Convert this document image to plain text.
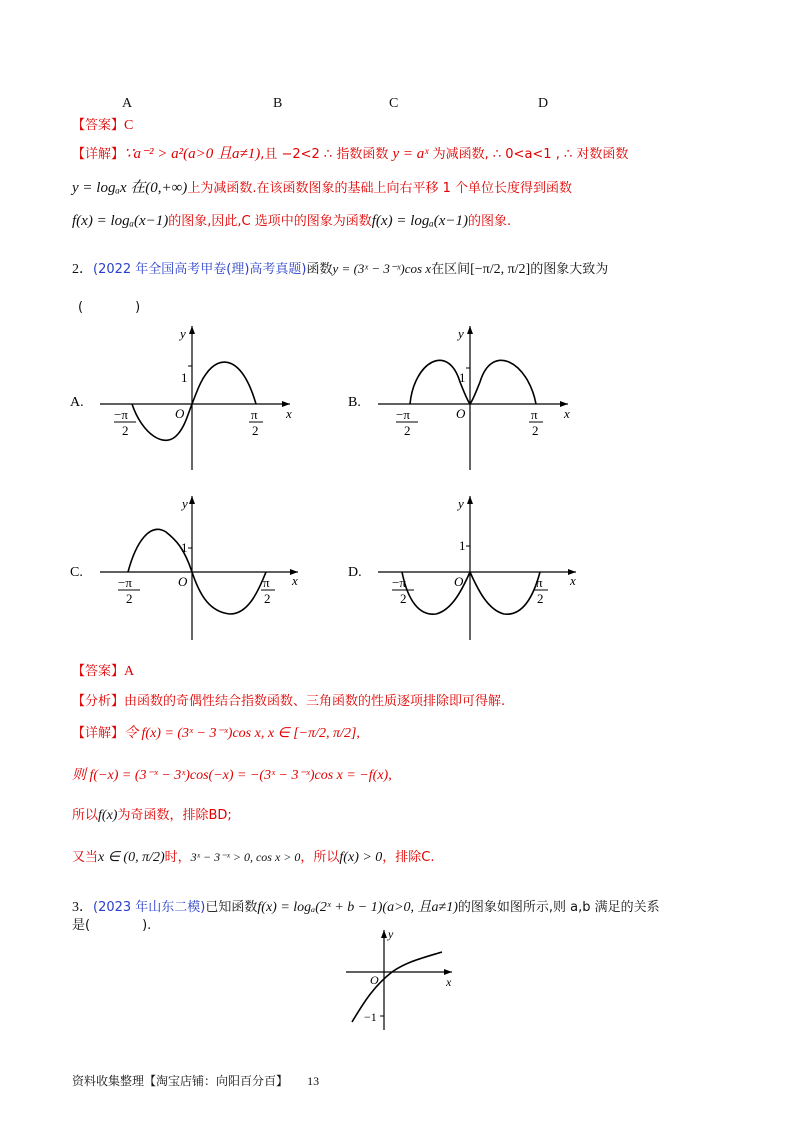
A	B	C	D
【答案】C
【详解】∵a⁻² > a²(a>0 且a≠1),且 −2<2 ∴ 指数函数 y = aˣ 为减函数, ∴ 0<a<1 , ∴ 对数函数
y = logₐx 在(0,+∞)上为减函数.在该函数图象的基础上向右平移 1 个单位长度得到函数
f(x) = logₐ(x−1)的图象,因此,C 选项中的图象为函数f(x) = logₐ(x−1)的图象.
2．(2022 年全国高考甲卷(理)高考真题)函数y = (3ˣ − 3⁻ˣ)cos x在区间[−π/2, π/2]的图象大致为
(　　　　)
A.
1
O	x
y
−π
2
π
2
B.
1
O	x
y
−π
2
π
2
C.
1
O	x
y
−π
2
π
2
D.
1
O	x
y
−π
2
π
2
【答案】A
【分析】由函数的奇偶性结合指数函数、三角函数的性质逐项排除即可得解.
【详解】令 f(x) = (3ˣ − 3⁻ˣ)cos x, x ∈ [−π/2, π/2],
则 f(−x) = (3⁻ˣ − 3ˣ)cos(−x) = −(3ˣ − 3⁻ˣ)cos x = −f(x),
所以f(x)为奇函数，排除BD;
又当x ∈ (0, π/2)时，3ˣ − 3⁻ˣ > 0, cos x > 0，所以f(x) > 0，排除C.
3．(2023 年山东二模)已知函数f(x) = logₐ(2ˣ + b − 1)(a>0, 且a≠1)的图象如图所示,则 a,b 满足的关系
是(　　　　).
O	x
y
−1
资料收集整理【淘宝店铺：向阳百分百】 13
